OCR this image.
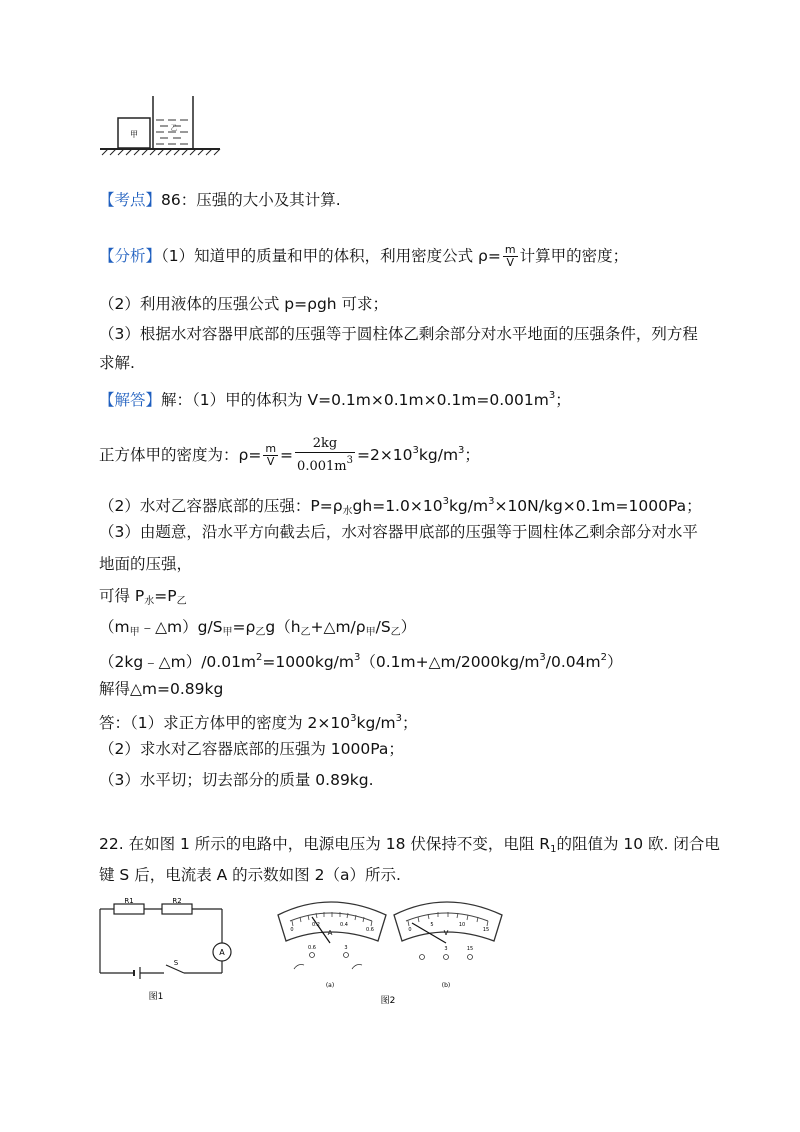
甲
乙
【考点】86：压强的大小及其计算.
【分析】（1）知道甲的质量和甲的体积，利用密度公式 $\rho= \frac{m}{V}$ 计算甲的密度；
（2）利用液体的压强公式 p=ρgh 可求；
（3）根据水对容器甲底部的压强等于圆柱体乙剩余部分对水平地面的压强条件，列方程
求解.
【解答】解：（1）甲的体积为 $V=0.1m\times 0.1m\times 0.1m=0.001m^3$；
正方体甲的密度为：$\rho= \frac{m}{V} = \frac{2kg}{0.001m^3} =2\times 10^3kg/m^3$；
（2）水对乙容器底部的压强：$P=\rho_水gh=1.0\times 10^3kg/m^3\times 10N/kg\times 0.1m=1000Pa$；
（3）由题意，沿水平方向截去后，水对容器甲底部的压强等于圆柱体乙剩余部分对水平
地面的压强，
可得 $P_水=P_乙$
$(m_甲﹣\triangle m)g/S_甲=\rho_乙g(h_乙+\triangle m/\rho_甲/S_乙)$
$(2kg﹣\triangle m)/0.01m^2=1000kg/m^3(0.1m+\triangle m/2000kg/m^3/0.04m^2)$
解得△m=0.89kg
答：（1）求正方体甲的密度为 $2\times 10^3kg/m^3$；
（2）求水对乙容器底部的压强为 1000Pa；
（3）水平切；切去部分的质量 0.89kg.
22. 在如图 1 所示的电路中，电源电压为 18 伏保持不变，电阻 $R_1$的阻值为 10 欧. 闭合电
键 S 后，电流表 A 的示数如图 2（a）所示.
R1	R2
A
S
图1
0
0.2	0.4
0.6
A
0.6	3
(a)
0
5	10
15
V
3	15
(b)
图2
